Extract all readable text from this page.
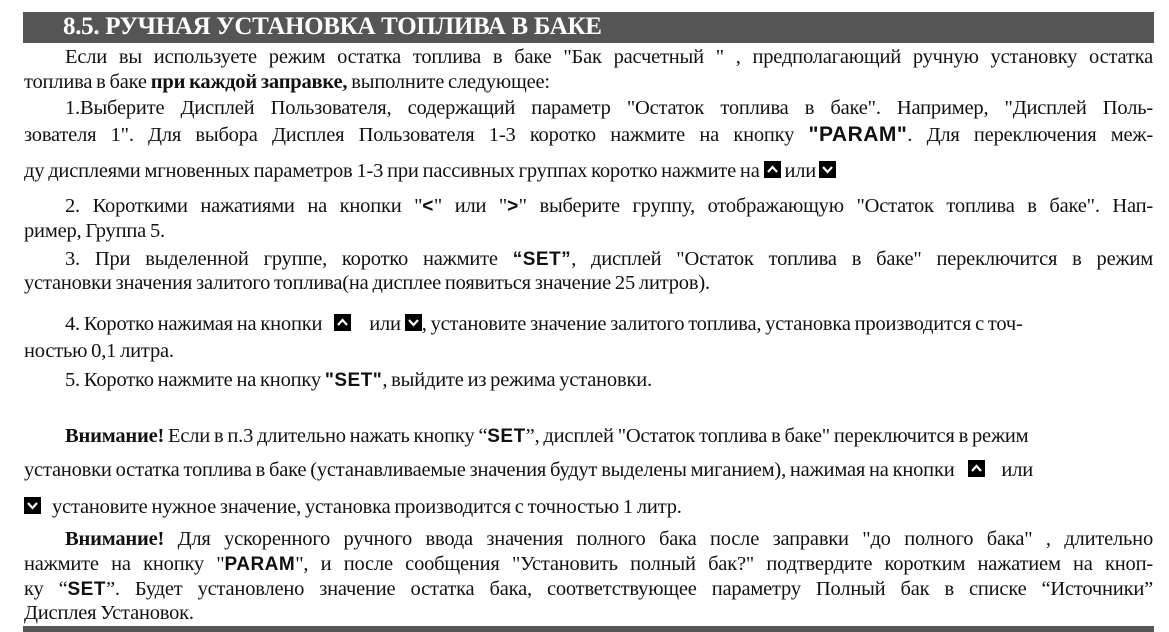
8.5. РУЧНАЯ УСТАНОВКА ТОПЛИВА В БАКЕ
Если вы используете режим остатка топлива в баке "Бак расчетный " , предполагающий ручную установку остатка
топлива в баке при каждой заправке, выполните следующее:
1.Выберите Дисплей Пользователя, содержащий параметр "Остаток топлива в баке". Например, "Дисплей Поль-
зователя 1". Для выбора Дисплея Пользователя 1-3 коротко нажмите на кнопку "PARAM". Для переключения меж-
ду дисплеями мгновенных параметров 1-3 при пассивных группах коротко нажмите на
или
2. Короткими нажатиями на кнопки "<" или ">" выберите группу, отображающую "Остаток топлива в баке". Нап-
ример, Группа 5.
3. При выделенной группе, коротко нажмите “SET”, дисплей "Остаток топлива в баке" переключится в режим
установки значения залитого топлива(на дисплее появиться значение 25 литров).
4. Коротко нажимая на кнопки или , установите значение залитого топлива, установка производится с точ-
ностью 0,1 литра.
5. Коротко нажмите на кнопку "SET", выйдите из режима установки.
Внимание! Если в п.3 длительно нажать кнопку “SET”, дисплей "Остаток топлива в баке" переключится в режим
установки остатка топлива в баке (устанавливаемые значения будут выделены миганием), нажимая на кнопки или
установите нужное значение, установка производится с точностью 1 литр.
Внимание! Для ускоренного ручного ввода значения полного бака после заправки "до полного бака" , длительно
нажмите на кнопку "PARAM", и после сообщения "Установить полный бак?" подтвердите коротким нажатием на кноп-
ку “SET”. Будет установлено значение остатка бака, соответствующее параметру Полный бак в списке “Источники”
Дисплея Установок.
